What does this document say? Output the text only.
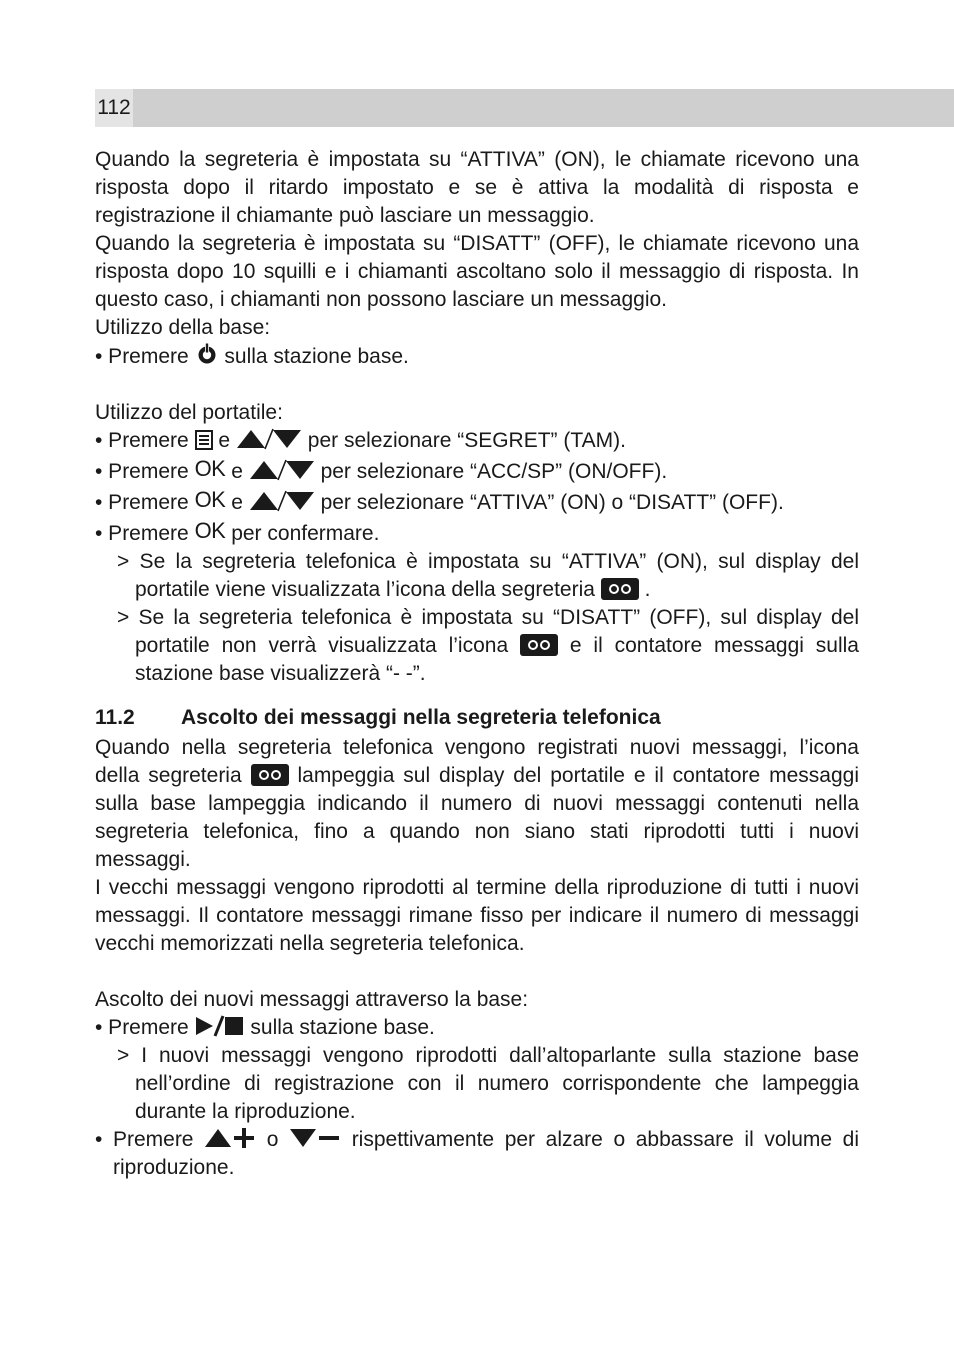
112

Quando la segreteria è impostata su “ATTIVA” (ON), le chiamate ricevono una risposta dopo il ritardo impostato e se è attiva la modalità di risposta e registrazione il chiamante può lasciare un messaggio.

Quando la segreteria è impostata su “DISATT” (OFF), le chiamate ricevono una risposta dopo 10 squilli e i chiamanti ascoltano solo il messaggio di risposta. In questo caso, i chiamanti non possono lasciare un messaggio.

Utilizzo della base:

• Premere sulla stazione base.

Utilizzo del portatile:

• Premere e	per selezionare “SEGRET” (TAM).

• Premere OK e	per selezionare “ACC/SP” (ON/OFF).

• Premere OK e	per selezionare “ATTIVA” (ON) o “DISATT” (OFF).

• Premere OK per confermare.

> Se la segreteria telefonica è impostata su “ATTIVA” (ON), sul display del portatile viene visualizzata l’icona della segreteria .

> Se la segreteria telefonica è impostata su “DISATT” (OFF), sul display del portatile non verrà visualizzata l’icona	e il contatore messaggi sulla stazione base visualizzerà “- -”.

11.2 Ascolto dei messaggi nella segreteria telefonica

Quando nella segreteria telefonica vengono registrati nuovi messaggi, l’icona della segreteria	lampeggia sul display del portatile e il contatore messaggi sulla base lampeggia indicando il numero di nuovi messaggi contenuti nella segreteria telefonica, fino a quando non siano stati riprodotti tutti i nuovi messaggi.

I vecchi messaggi vengono riprodotti al termine della riproduzione di tutti i nuovi messaggi. Il contatore messaggi rimane fisso per indicare il numero di messaggi vecchi memorizzati nella segreteria telefonica.

Ascolto dei nuovi messaggi attraverso la base:

• Premere	sulla stazione base.

> I nuovi messaggi vengono riprodotti dall’altoparlante sulla stazione base nell’ordine di registrazione con il numero corrispondente che lampeggia durante la riproduzione.

• Premere	o	rispettivamente per alzare o abbassare il volume di riproduzione.
